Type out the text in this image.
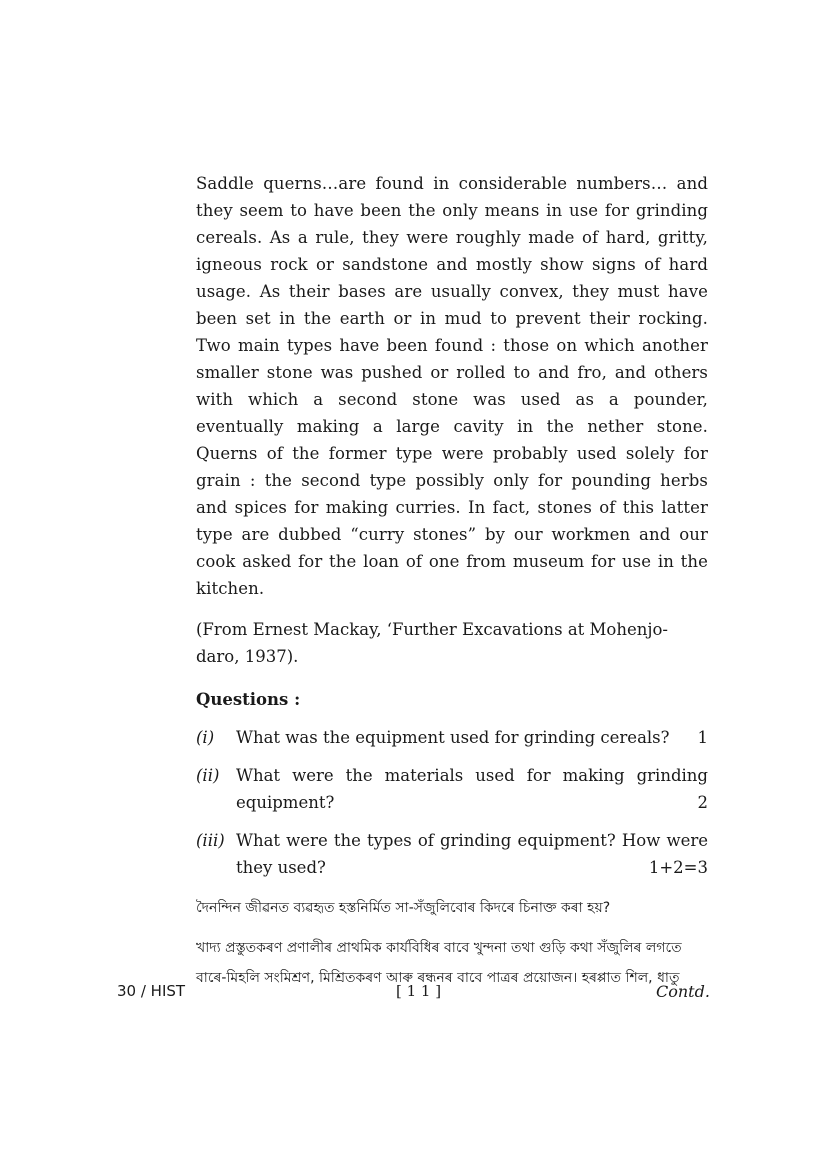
Saddle querns…are found in considerable numbers… and they seem to have been the only means in use for grinding cereals. As a rule, they were roughly made of hard, gritty, igneous rock or sandstone and mostly show signs of hard usage. As their bases are usually convex, they must have been set in the earth or in mud to prevent their rocking. Two main types have been found : those on which another smaller stone was pushed or rolled to and fro, and others with which a second stone was used as a pounder, eventually making a large cavity in the nether stone. Querns of the former type were probably used solely for grain : the second type possibly only for pounding herbs and spices for making curries. In fact, stones of this latter type are dubbed “curry stones” by our workmen and our cook asked for the loan of one from museum for use in the kitchen.

(From Ernest Mackay, ‘Further Excavations at Mohenjo-daro, 1937).

Questions :
(i)	1
What was the equipment used for grinding cereals?
(ii)	What were the materials used for making grinding equipment?	2
(iii) What were the types of grinding equipment? How were they used?	1+2=3
দৈনন্দিন জীৱনত ব্যৱহৃত হস্তনিৰ্মিত সা-সঁজুলিবোৰ কিদৰে চিনাক্ত কৰা হয়?
খাদ্য প্ৰস্তুতকৰণ প্ৰণালীৰ প্ৰাথমিক কাৰ্যবিধিৰ বাবে খুন্দনা তথা গুড়ি কথা সঁজুলিৰ লগতে বাৰে-মিহলি সংমিশ্ৰণ, মিশ্ৰিতকৰণ আৰু ৰন্ধনৰ বাবে পাত্ৰৰ প্ৰয়োজন। হৰপ্পাত শিল, ধাতু
30 / HIST	[ 1 1 ]	Contd.
